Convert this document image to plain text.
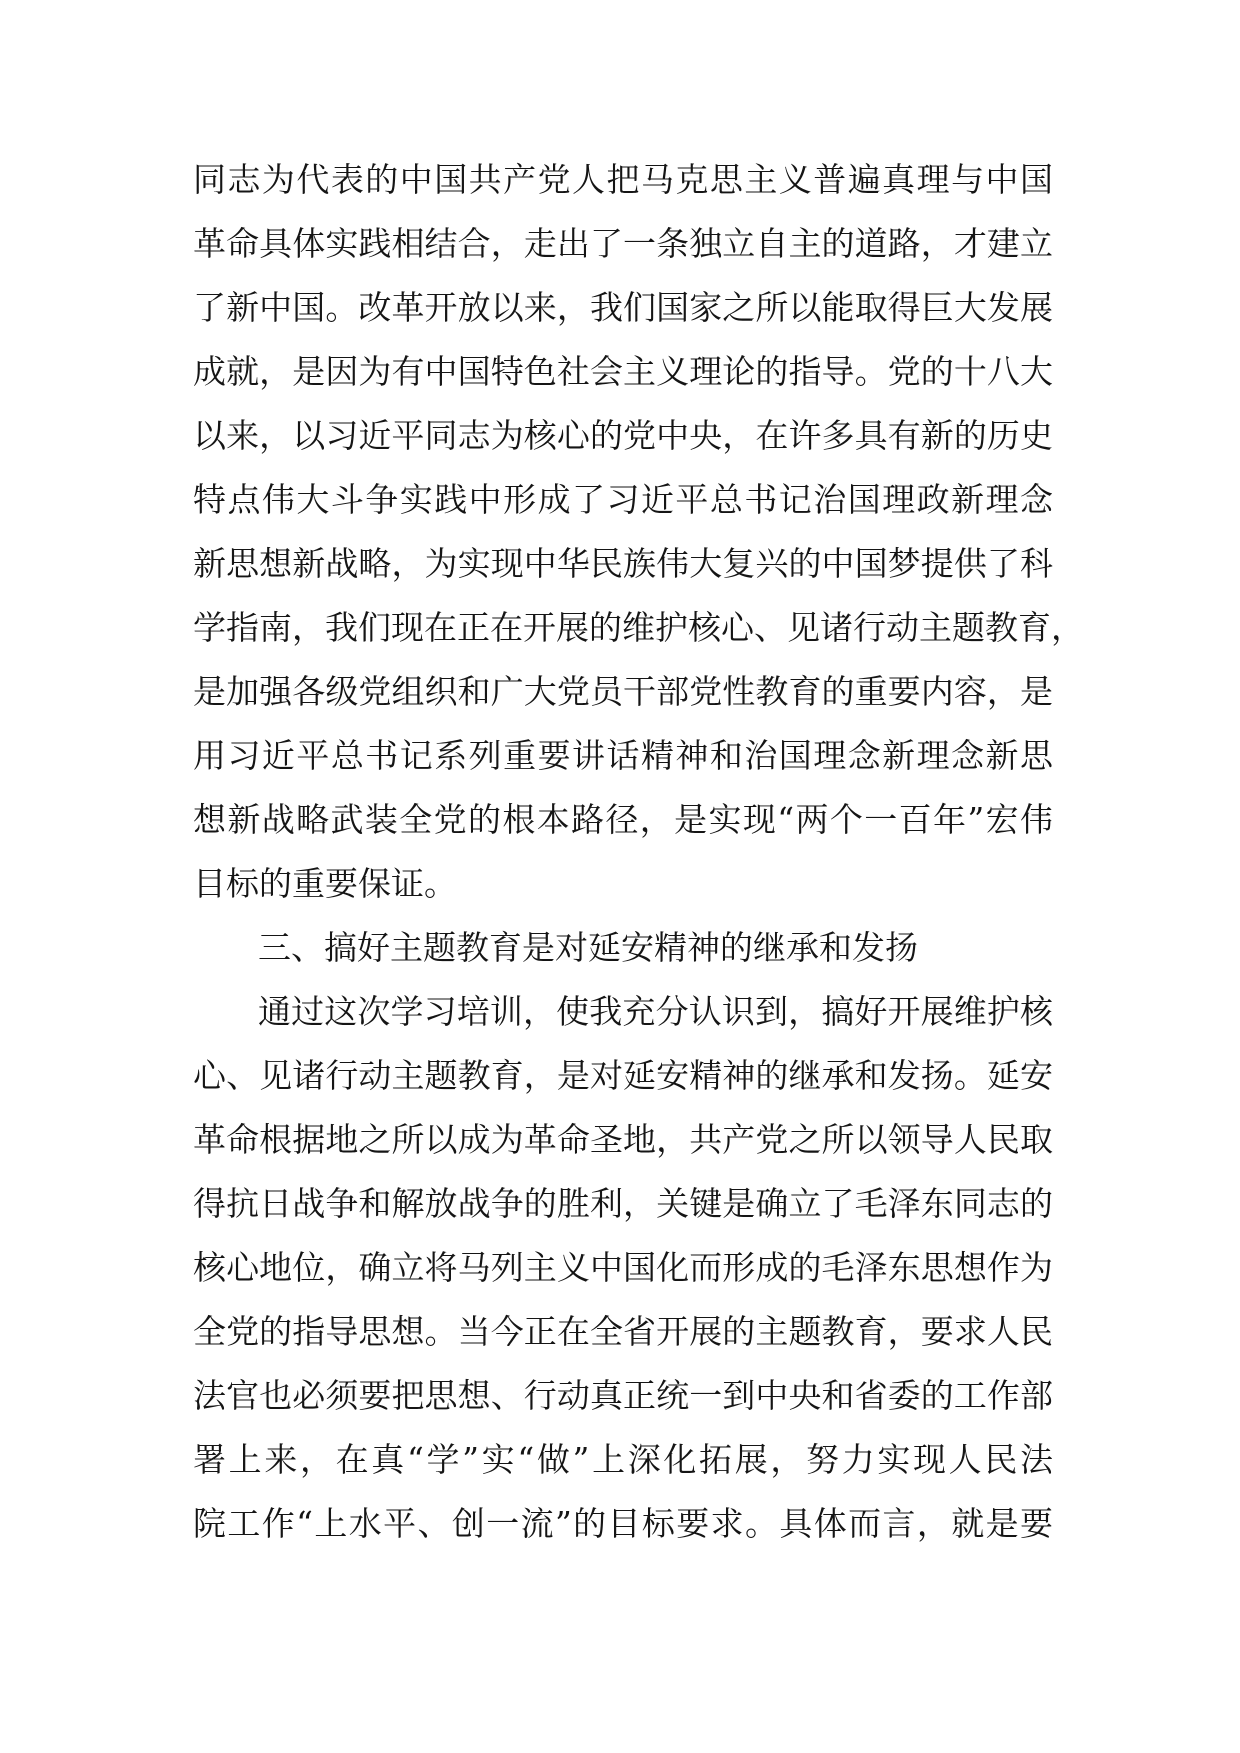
同志为代表的中国共产党人把马克思主义普遍真理与中国
革命具体实践相结合，走出了一条独立自主的道路，才建立
了新中国。改革开放以来，我们国家之所以能取得巨大发展
成就，是因为有中国特色社会主义理论的指导。党的十八大
以来，以习近平同志为核心的党中央，在许多具有新的历史
特点伟大斗争实践中形成了习近平总书记治国理政新理念
新思想新战略，为实现中华民族伟大复兴的中国梦提供了科
学指南，我们现在正在开展的维护核心、见诸行动主题教育，
是加强各级党组织和广大党员干部党性教育的重要内容，是
用习近平总书记系列重要讲话精神和治国理念新理念新思
想新战略武装全党的根本路径，是实现“两个一百年”宏伟
目标的重要保证。
三、搞好主题教育是对延安精神的继承和发扬
通过这次学习培训，使我充分认识到，搞好开展维护核
心、见诸行动主题教育，是对延安精神的继承和发扬。延安
革命根据地之所以成为革命圣地，共产党之所以领导人民取
得抗日战争和解放战争的胜利，关键是确立了毛泽东同志的
核心地位，确立将马列主义中国化而形成的毛泽东思想作为
全党的指导思想。当今正在全省开展的主题教育，要求人民
法官也必须要把思想、行动真正统一到中央和省委的工作部
署上来，在真“学”实“做”上深化拓展，努力实现人民法
院工作“上水平、创一流”的目标要求。具体而言，就是要
